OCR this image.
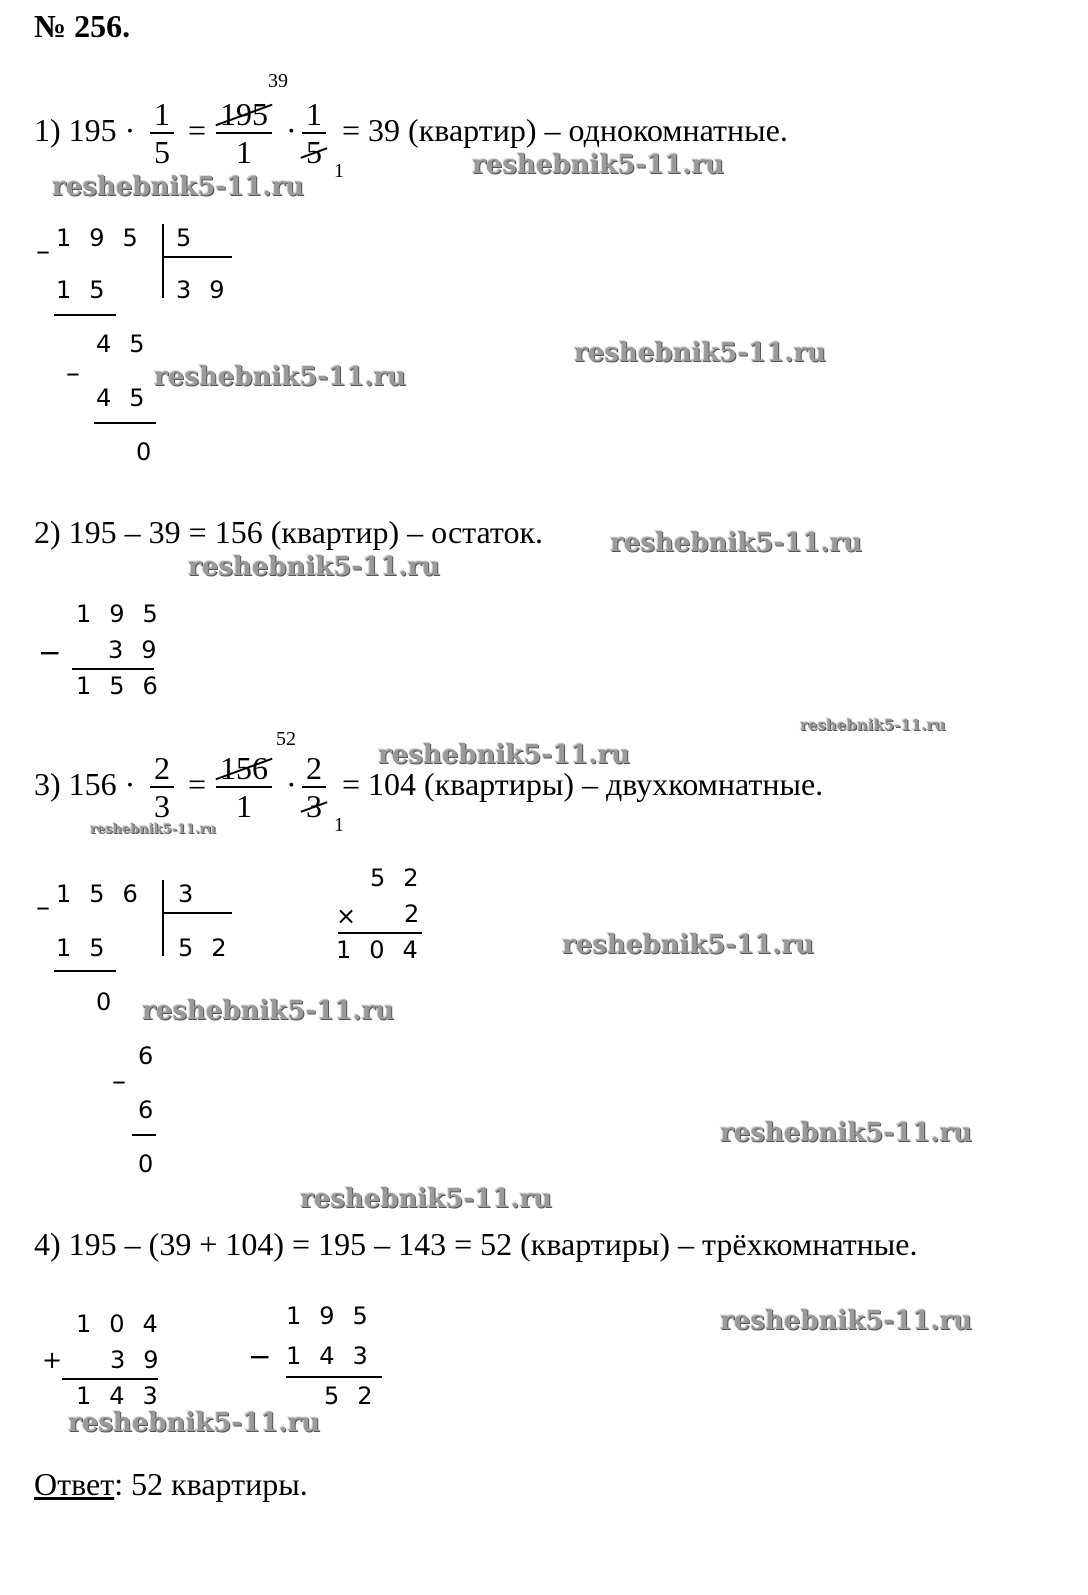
№ 256.
1) 195 · 1
5
=
39
195
1
· 1
5
1
= 39 (квартир) – однокомнатные.
– 195 5
39
15
–
45
45
0
2) 195 – 39 = 156 (квартир) – остаток.
195
− 39
156
3) 156 · 2
3
=
52
156
1
· 2
3
1
= 104 (квартиры) – двухкомнатные.
– 156 3
52
15
0
–
6
6
0
52
× 2
104
4) 195 – (39 + 104) = 195 – 143 = 52 (квартиры) – трёхкомнатные.
104
+ 39
143
195
− 143
52
Ответ: 52 квартиры.
reshebnik5-11.ru
reshebnik5-11.ru
reshebnik5-11.ru
reshebnik5-11.ru
reshebnik5-11.ru
reshebnik5-11.ru
reshebnik5-11.ru
reshebnik5-11.ru
reshebnik5-11.ru
reshebnik5-11.ru
reshebnik5-11.ru
reshebnik5-11.ru
reshebnik5-11.ru
reshebnik5-11.ru
reshebnik5-11.ru
